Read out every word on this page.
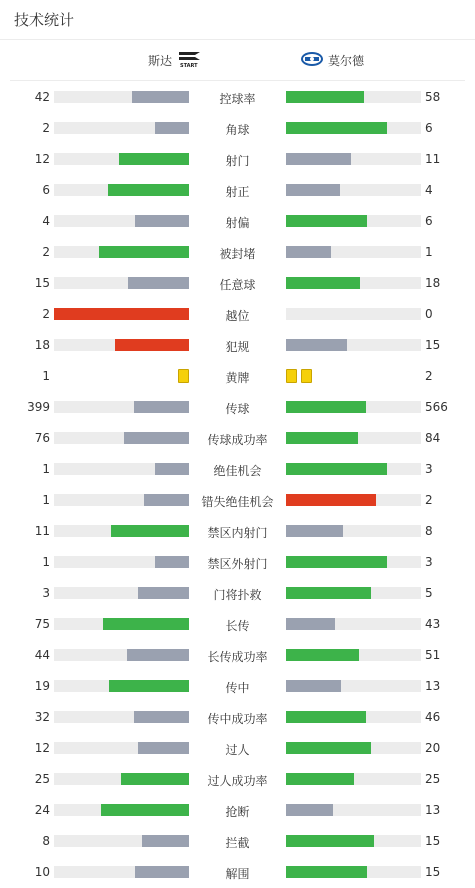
技术统计
斯达 START	莫尔德
42	控球率	58
2	角球	6
12	射门	11
6	射正	4
4	射偏	6
2	被封堵	1
15	任意球	18
2	越位	0
18	犯规	15
1	黄牌	2
399	传球	566
76	传球成功率	84
1	绝佳机会	3
1	错失绝佳机会	2
11	禁区内射门	8
1	禁区外射门	3
3	门将扑救	5
75	长传	43
44	长传成功率	51
19	传中	13
32	传中成功率	46
12	过人	20
25	过人成功率	25
24	抢断	13
8	拦截	15
10	解围	15
